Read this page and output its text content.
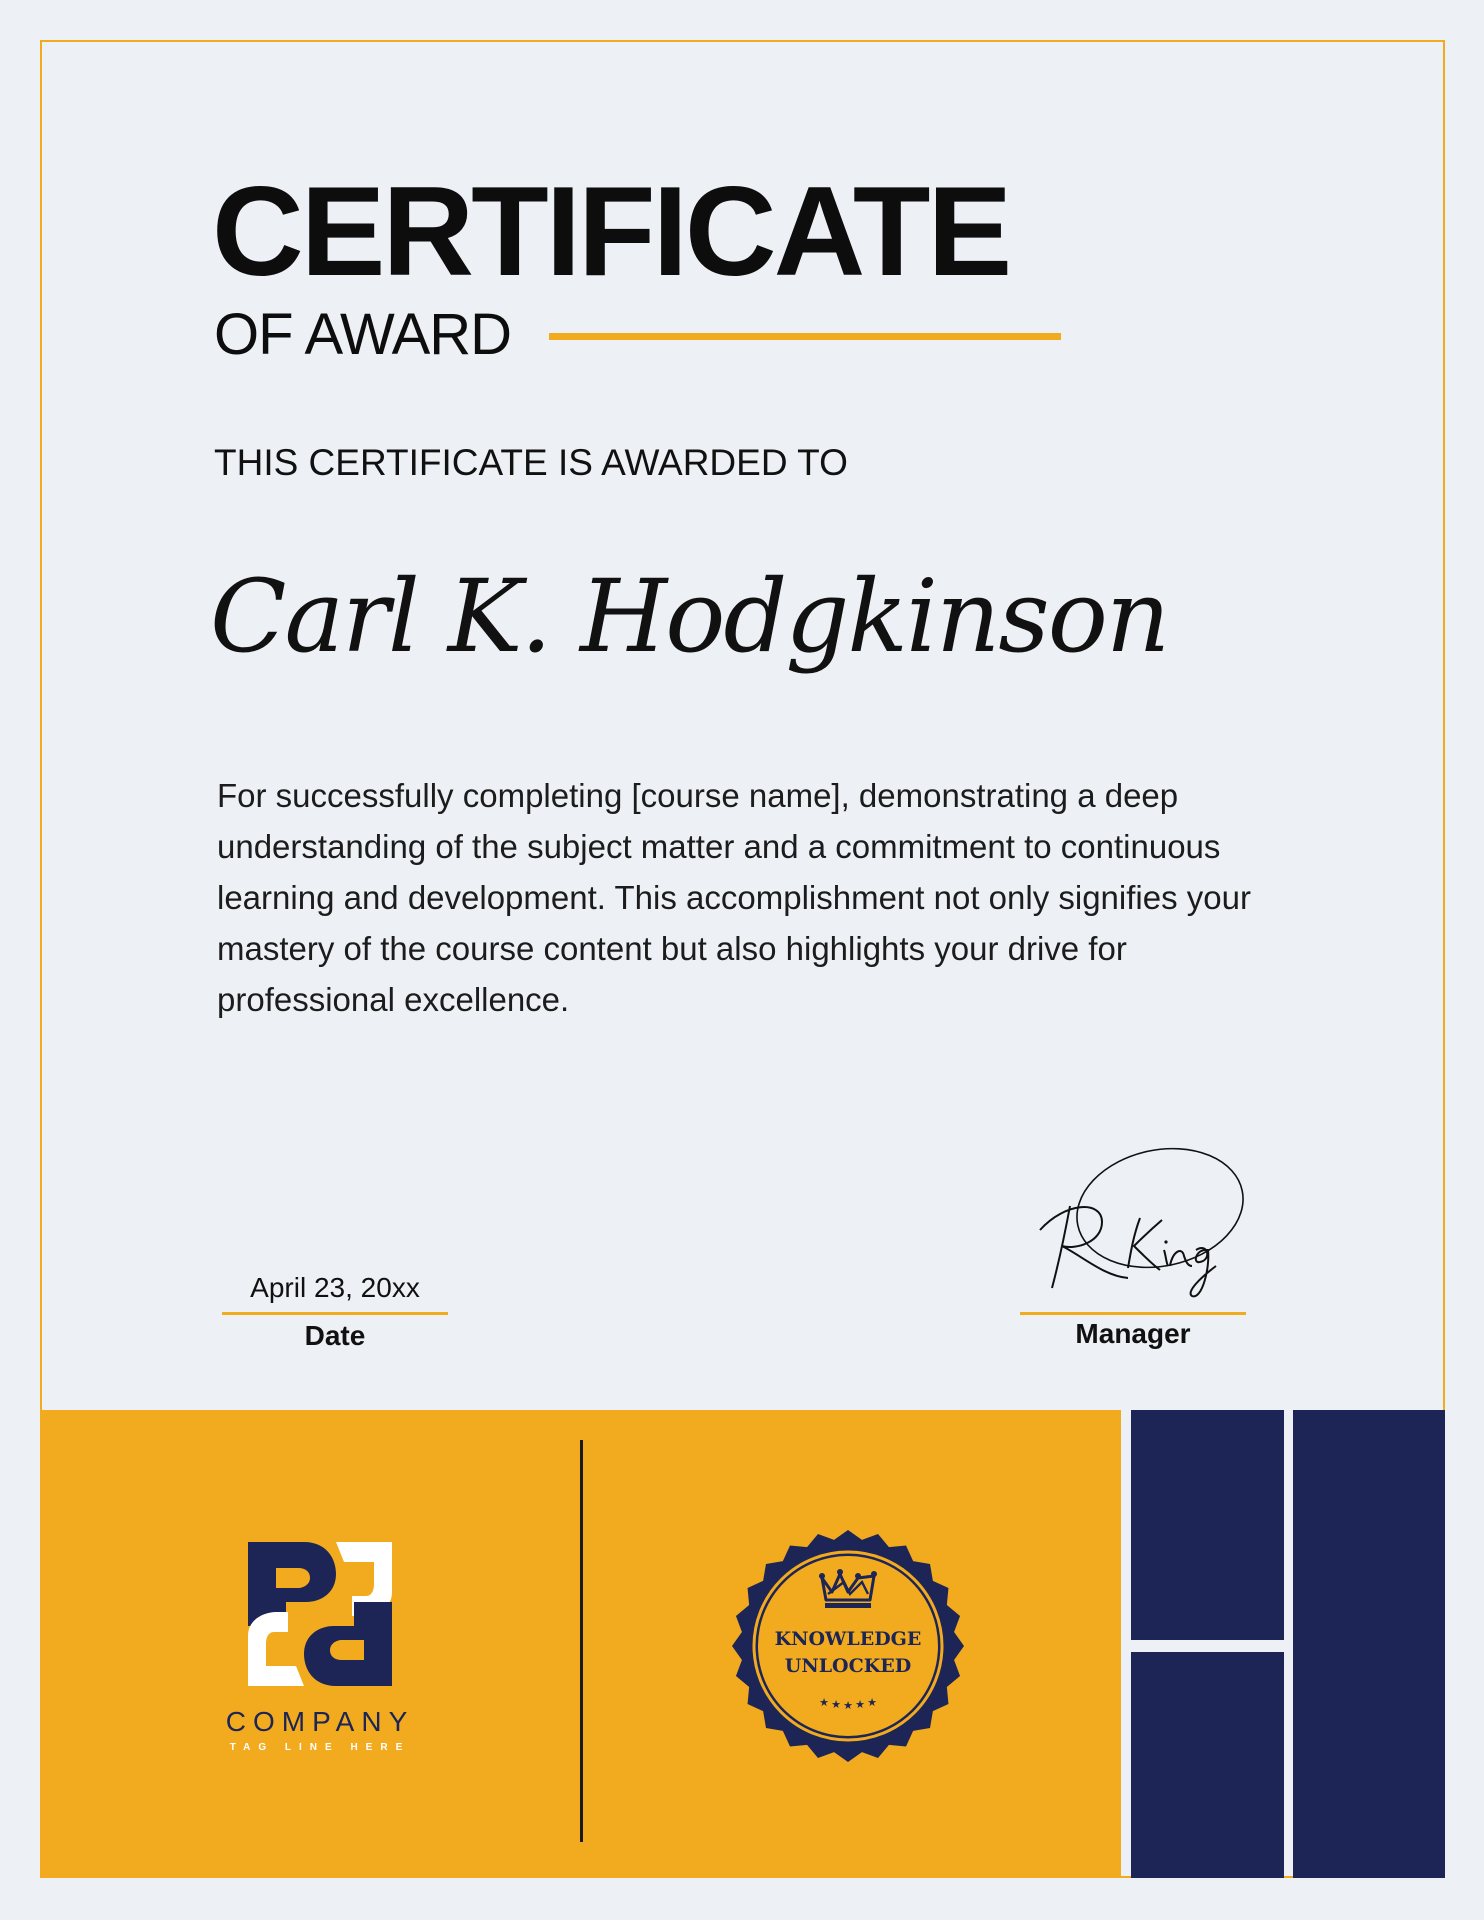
CERTIFICATE
OF AWARD
THIS CERTIFICATE IS AWARDED TO
Carl K. Hodgkinson
For successfully completing [course name], demonstrating a deep understanding of the subject matter and a commitment to continuous learning and development. This accomplishment not only signifies your mastery of the course content but also highlights your drive for professional excellence.
April 23, 20xx
Date	Manager
COMPANY
TAG LINE HERE
★ ★ ★ ★ ★
KNOWLEDGE
UNLOCKED
